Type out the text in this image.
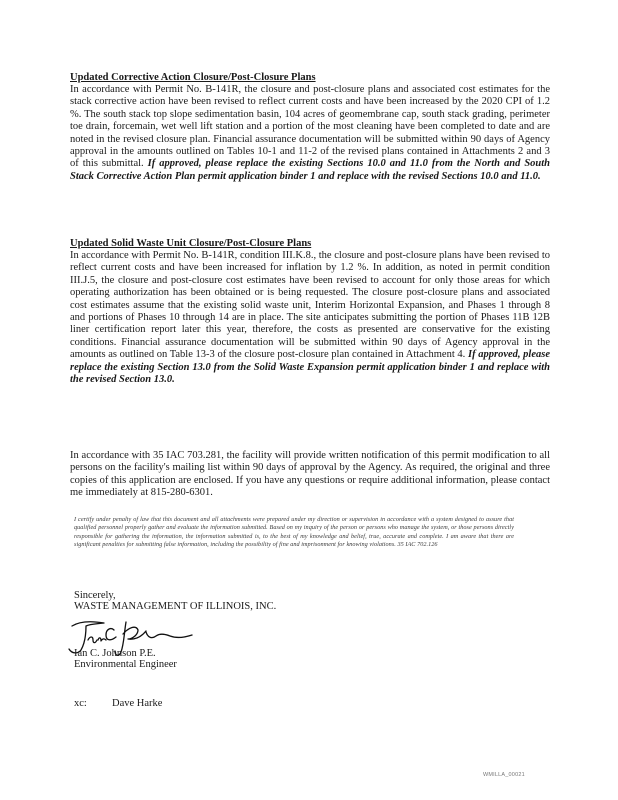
Updated Corrective Action Closure/Post-Closure Plans
In accordance with Permit No. B-141R, the closure and post-closure plans and associated cost estimates for the stack corrective action have been revised to reflect current costs and have been increased by the 2020 CPI of 1.2 %. The south stack top slope sedimentation basin, 104 acres of geomembrane cap, south stack grading, perimeter toe drain, forcemain, wet well lift station and a portion of the most cleaning have been completed to date and are noted in the revised closure plan. Financial assurance documentation will be submitted within 90 days of Agency approval in the amounts outlined on Tables 10-1 and 11-2 of the revised plans contained in Attachments 2 and 3 of this submittal. If approved, please replace the existing Sections 10.0 and 11.0 from the North and South Stack Corrective Action Plan permit application binder 1 and replace with the revised Sections 10.0 and 11.0.
Updated Solid Waste Unit Closure/Post-Closure Plans
In accordance with Permit No. B-141R, condition III.K.8., the closure and post-closure plans have been revised to reflect current costs and have been increased for inflation by 1.2 %. In addition, as noted in permit condition III.J.5, the closure and post-closure cost estimates have been revised to account for only those areas for which operating authorization has been obtained or is being requested. The closure post-closure plans and associated cost estimates assume that the existing solid waste unit, Interim Horizontal Expansion, and Phases 1 through 8 and portions of Phases 10 through 14 are in place. The site anticipates submitting the portion of Phases 11B 12B liner certification report later this year, therefore, the costs as presented are conservative for the existing conditions. Financial assurance documentation will be submitted within 90 days of Agency approval in the amounts as outlined on Table 13-3 of the closure post-closure plan contained in Attachment 4. If approved, please replace the existing Section 13.0 from the Solid Waste Expansion permit application binder 1 and replace with the revised Section 13.0.
In accordance with 35 IAC 703.281, the facility will provide written notification of this permit modification to all persons on the facility's mailing list within 90 days of approval by the Agency. As required, the original and three copies of this application are enclosed. If you have any questions or require additional information, please contact me immediately at 815-280-6301.
I certify under penalty of law that this document and all attachments were prepared under my direction or supervision in accordance with a system designed to assure that qualified personnel properly gather and evaluate the information submitted. Based on my inquiry of the person or persons who manage the system, or those persons directly responsible for gathering the information, the information submitted is, to the best of my knowledge and belief, true, accurate and complete. I am aware that there are significant penalties for submitting false information, including the possibility of fine and imprisonment for knowing violations. 35 IAC 702.126
Sincerely,
WASTE MANAGEMENT OF ILLINOIS, INC.
Ian C. Johnson P.E.
Environmental Engineer
xc: Dave Harke
WMILLA_00021
